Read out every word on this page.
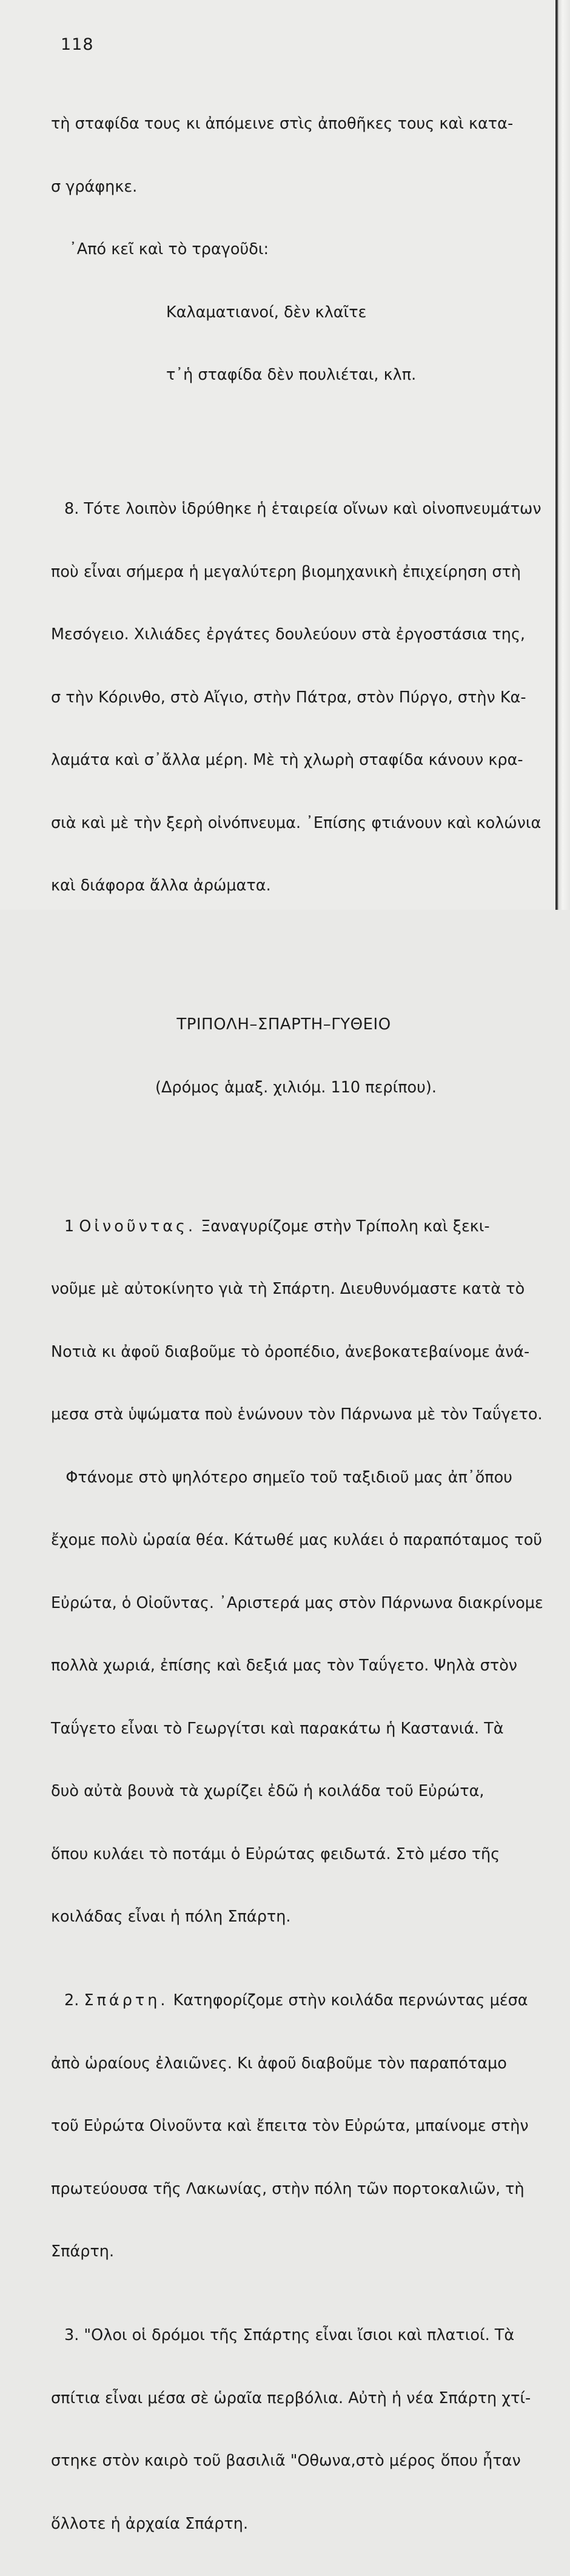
118

τὴ σταφίδα τους κι ἀπόμεινε στὶς ἀποθῆκες τους καὶ κατα-

σ γράφηκε.

᾿Από κεῖ καὶ τὸ τραγοῦδι:

Καλαματιανοί, δὲν κλαῖτε

τ᾿ἡ σταφίδα δὲν πουλιέται, κλπ.

8. Τότε λοιπὸν ἱδρύθηκε ἡ ἑταιρεία οἴνων καὶ οἰνοπνευμάτων

ποὺ εἶναι σήμερα ἡ μεγαλύτερη βιομηχανικὴ ἐπιχείρηση στὴ

Μεσόγειο. Χιλιάδες ἐργάτες δουλεύουν στὰ ἐργοστάσια της,

σ τὴν Κόρινθο, στὸ Αἴγιο, στὴν Πάτρα, στὸν Πύργο, στὴν Κα-

λαμάτα καὶ σ᾿ἄλλα μέρη. Μὲ τὴ χλωρὴ σταφίδα κάνουν κρα-

σιὰ καὶ μὲ τὴν ξερὴ οἰνόπνευμα. ᾿Επίσης φτιάνουν καὶ κολώνια

καὶ διάφορα ἄλλα ἀρώματα.

ΤΡΙΠΟΛΗ–ΣΠΑΡΤΗ–ΓΥΘΕΙΟ

(Δρόμος ἁμαξ. χιλιόμ. 110 περίπου).

1 Οἰνοῦντας. Ξαναγυρίζομε στὴν Τρίπολη καὶ ξεκι-

νοῦμε μὲ αὐτοκίνητο γιὰ τὴ Σπάρτη. Διευθυνόμαστε κατὰ τὸ

Νοτιὰ κι ἀφοῦ διαβοῦμε τὸ ὀροπέδιο, ἀνεβοκατεβαίνομε ἀνά-

μεσα στὰ ὑψώματα ποὺ ἑνώνουν τὸν Πάρνωνα μὲ τὸν Ταΰγετο.

Φτάνομε στὸ ψηλότερο σημεῖο τοῦ ταξιδιοῦ μας ἀπ᾿ὅπου

ἔχομε πολὺ ὡραία θέα. Κάτωθέ μας κυλάει ὁ παραπόταμος τοῦ

Εὐρώτα, ὁ Οἰοῦντας. ᾿Αριστερά μας στὸν Πάρνωνα διακρίνομε

πολλὰ χωριά, ἐπίσης καὶ δεξιά μας τὸν Ταΰγετο. Ψηλὰ στὸν

Ταΰγετο εἶναι τὸ Γεωργίτσι καὶ παρακάτω ἡ Καστανιά. Τὰ

δυὸ αὐτὰ βουνὰ τὰ χωρίζει ἐδῶ ἡ κοιλάδα τοῦ Εὐρώτα,

ὅπου κυλάει τὸ ποτάμι ὁ Εὐρώτας φειδωτά. Στὸ μέσο τῆς

κοιλάδας εἶναι ἡ πόλη Σπάρτη.

2. Σπάρτη. Κατηφορίζομε στὴν κοιλάδα περνώντας μέσα

ἀπὸ ὡραίους ἐλαιῶνες. Κι ἀφοῦ διαβοῦμε τὸν παραπόταμο

τοῦ Εὐρώτα Οἰνοῦντα καὶ ἔπειτα τὸν Εὐρώτα, μπαίνομε στὴν

πρωτεύουσα τῆς Λακωνίας, στὴν πόλη τῶν πορτοκαλιῶν, τὴ

Σπάρτη.

3. "Ολοι οἱ δρόμοι τῆς Σπάρτης εἶναι ἴσιοι καὶ πλατιοί. Τὰ

σπίτια εἶναι μέσα σὲ ὡραῖα περβόλια. Αὐτὴ ἡ νέα Σπάρτη χτί-

στηκε στὸν καιρὸ τοῦ βασιλιᾶ "Οθωνα,στὸ μέρος ὅπου ἦταν

ὅλλοτε ἡ ἀρχαία Σπάρτη.
